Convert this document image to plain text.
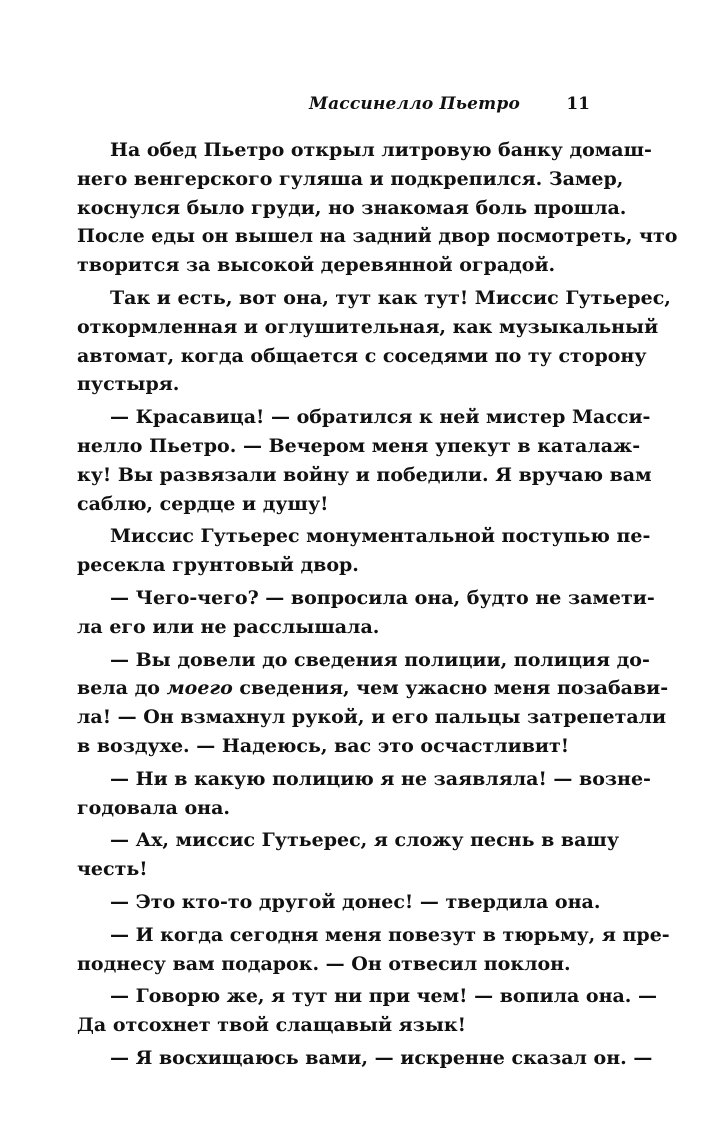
Массинелло Пьетро	11

На обед Пьетро открыл литровую банку домаш-
него венгерского гуляша и подкрепился. Замер,
коснулся было груди, но знакомая боль прошла.
После еды он вышел на задний двор посмотреть, что
творится за высокой деревянной оградой.

Так и есть, вот она, тут как тут! Миссис Гутьерес,
откормленная и оглушительная, как музыкальный
автомат, когда общается с соседями по ту сторону
пустыря.

— Красавица! — обратился к ней мистер Масси-
нелло Пьетро. — Вечером меня упекут в каталаж-
ку! Вы развязали войну и победили. Я вручаю вам
саблю, сердце и душу!

Миссис Гутьерес монументальной поступью пе-
ресекла грунтовый двор.

— Чего-чего? — вопросила она, будто не замети-
ла его или не расслышала.

— Вы довели до сведения полиции, полиция до-
вела до моего сведения, чем ужасно меня позабави-
ла! — Он взмахнул рукой, и его пальцы затрепетали
в воздухе. — Надеюсь, вас это осчастливит!

— Ни в какую полицию я не заявляла! — возне-
годовала она.

— Ах, миссис Гутьерес, я сложу песнь в вашу
честь!

— Это кто-то другой донес! — твердила она.

— И когда сегодня меня повезут в тюрьму, я пре-
поднесу вам подарок. — Он отвесил поклон.

— Говорю же, я тут ни при чем! — вопила она. —
Да отсохнет твой слащавый язык!

— Я восхищаюсь вами, — искренне сказал он. —
